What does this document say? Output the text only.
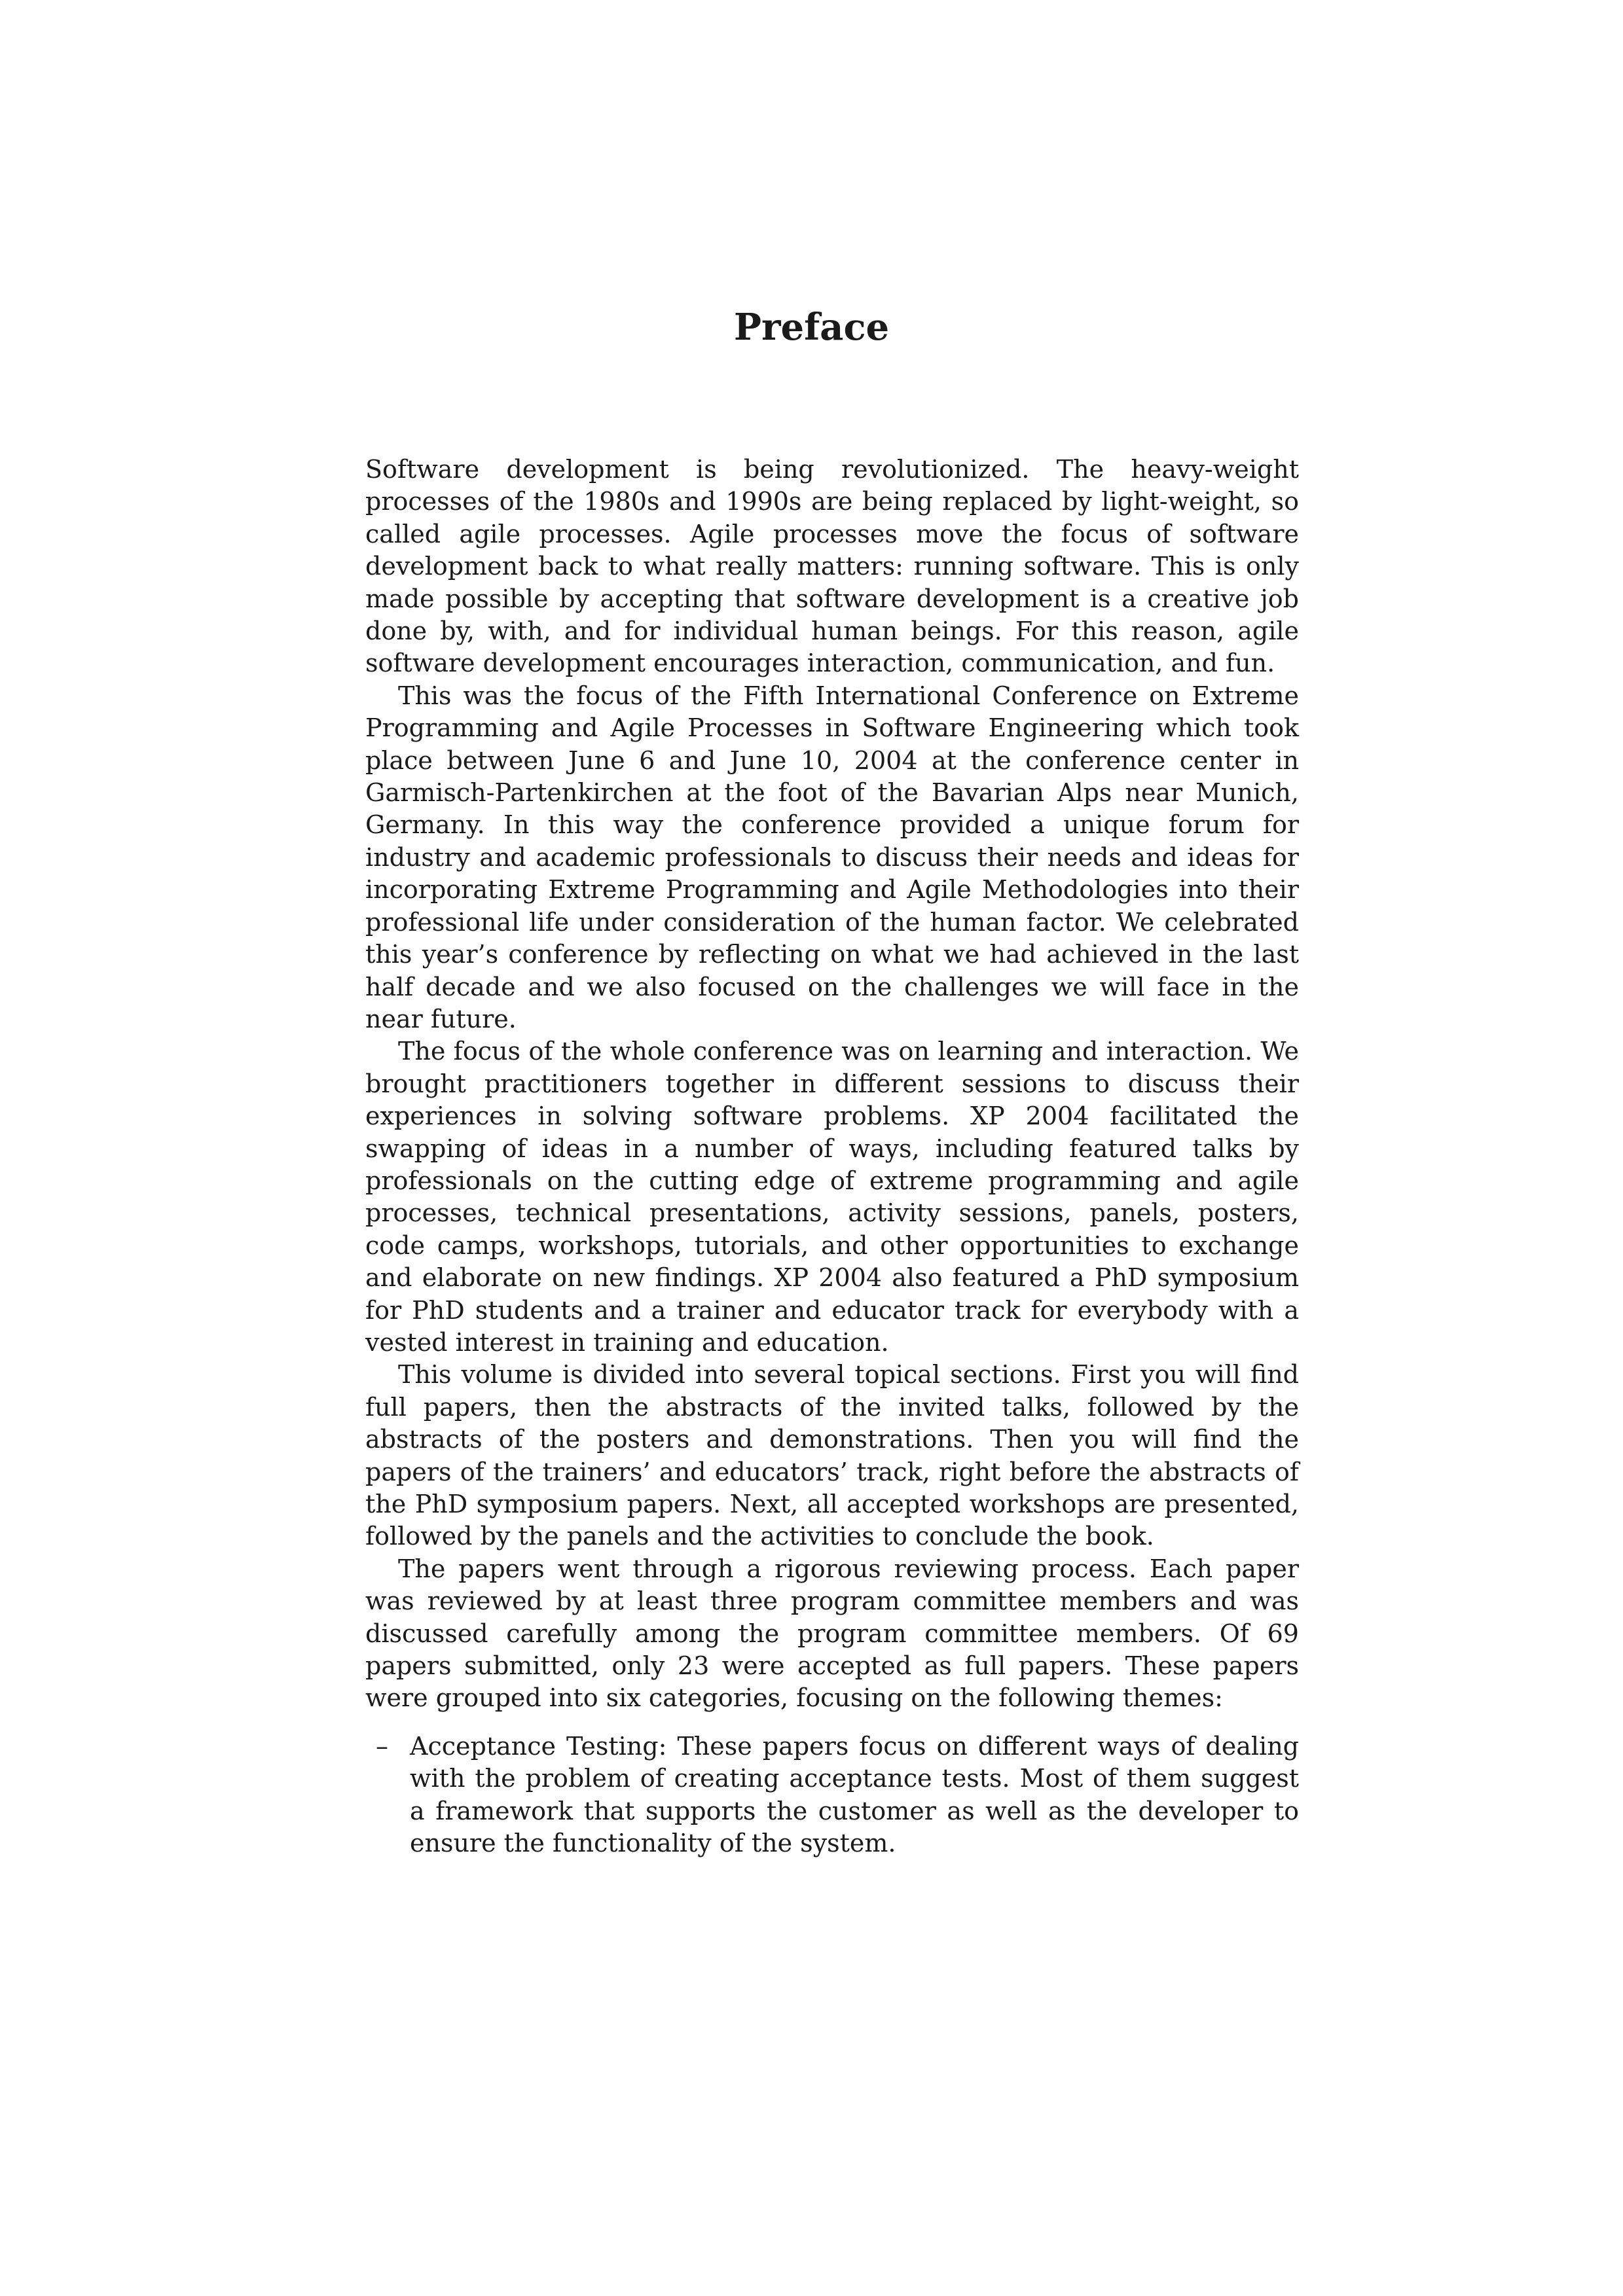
Preface

Software development is being revolutionized. The heavy-weight processes of the 1980s and 1990s are being replaced by light-weight, so called agile processes. Agile processes move the focus of software development back to what really matters: running software. This is only made possible by accepting that software development is a creative job done by, with, and for individual human beings. For this reason, agile software development encourages interaction, communication, and fun.

This was the focus of the Fifth International Conference on Extreme Programming and Agile Processes in Software Engineering which took place between June 6 and June 10, 2004 at the conference center in Garmisch-Partenkirchen at the foot of the Bavarian Alps near Munich, Germany. In this way the conference provided a unique forum for industry and academic professionals to discuss their needs and ideas for incorporating Extreme Programming and Agile Methodologies into their professional life under consideration of the human factor. We celebrated this year’s conference by reflecting on what we had achieved in the last half decade and we also focused on the challenges we will face in the near future.

The focus of the whole conference was on learning and interaction. We brought practitioners together in different sessions to discuss their experiences in solving software problems. XP 2004 facilitated the swapping of ideas in a number of ways, including featured talks by professionals on the cutting edge of extreme programming and agile processes, technical presentations, activity sessions, panels, posters, code camps, workshops, tutorials, and other opportunities to exchange and elaborate on new findings. XP 2004 also featured a PhD symposium for PhD students and a trainer and educator track for everybody with a vested interest in training and education.

This volume is divided into several topical sections. First you will find full papers, then the abstracts of the invited talks, followed by the abstracts of the posters and demonstrations. Then you will find the papers of the trainers’ and educators’ track, right before the abstracts of the PhD symposium papers. Next, all accepted workshops are presented, followed by the panels and the activities to conclude the book.

The papers went through a rigorous reviewing process. Each paper was reviewed by at least three program committee members and was discussed carefully among the program committee members. Of 69 papers submitted, only 23 were accepted as full papers. These papers were grouped into six categories, focusing on the following themes:

– Acceptance Testing: These papers focus on different ways of dealing with the problem of creating acceptance tests. Most of them suggest a framework that supports the customer as well as the developer to ensure the functionality of the system.
